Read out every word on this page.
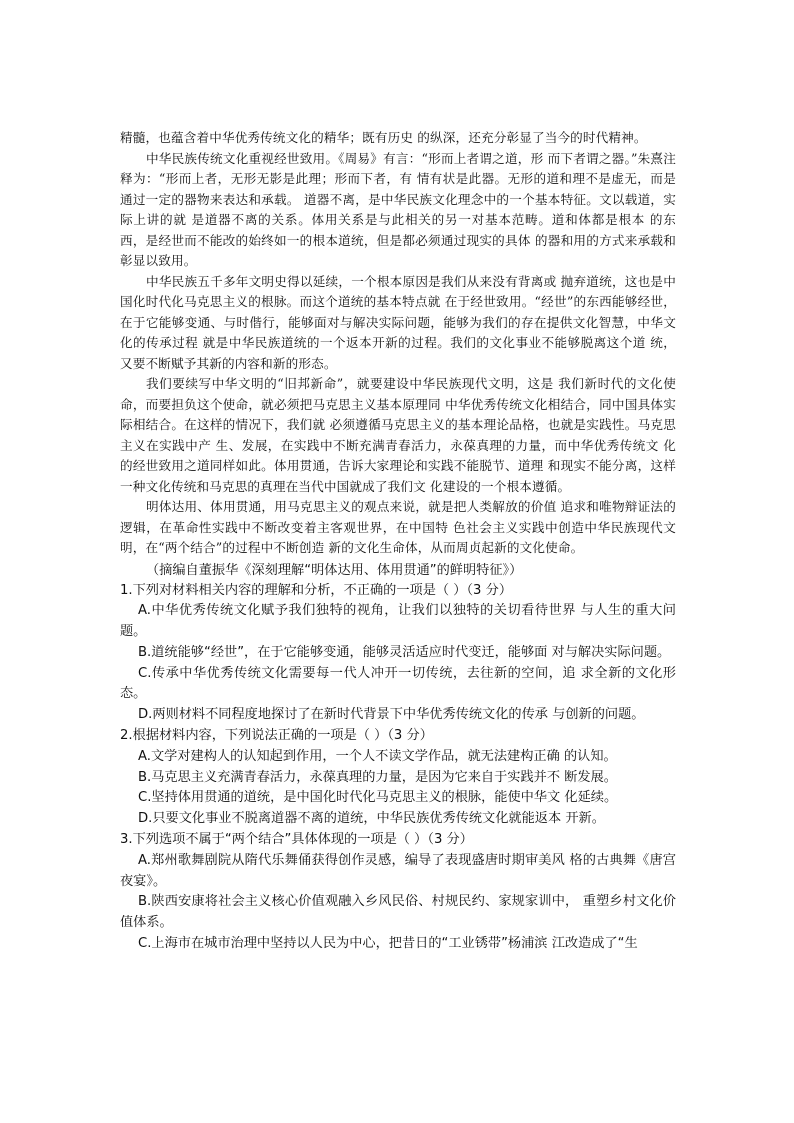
精髓，也蕴含着中华优秀传统文化的精华；既有历史 的纵深，还充分彰显了当今的时代精神。

中华民族传统文化重视经世致用。《周易》有言：“形而上者谓之道，形 而下者谓之器。”朱熹注释为：“形而上者，无形无影是此理；形而下者，有 情有状是此器。无形的道和理不是虚无，而是通过一定的器物来表达和承载。 道器不离，是中华民族文化理念中的一个基本特征。文以载道，实际上讲的就 是道器不离的关系。体用关系是与此相关的另一对基本范畴。道和体都是根本 的东西，是经世而不能改的始终如一的根本道统，但是都必须通过现实的具体 的器和用的方式来承载和彰显以致用。

中华民族五千多年文明史得以延续，一个根本原因是我们从来没有背离或 抛弃道统，这也是中国化时代化马克思主义的根脉。而这个道统的基本特点就 在于经世致用。“经世”的东西能够经世，在于它能够变通、与时偕行，能够面对与解决实际问题，能够为我们的存在提供文化智慧，中华文化的传承过程 就是中华民族道统的一个返本开新的过程。我们的文化事业不能够脱离这个道 统，又要不断赋予其新的内容和新的形态。

我们要续写中华文明的“旧邦新命”，就要建设中华民族现代文明，这是 我们新时代的文化使命，而要担负这个使命，就必须把马克思主义基本原理同 中华优秀传统文化相结合，同中国具体实际相结合。在这样的情况下，我们就 必须遵循马克思主义的基本理论品格，也就是实践性。马克思主义在实践中产 生、发展，在实践中不断充满青春活力，永葆真理的力量，而中华优秀传统文 化的经世致用之道同样如此。体用贯通，告诉大家理论和实践不能脱节、道理 和现实不能分离，这样一种文化传统和马克思的真理在当代中国就成了我们文 化建设的一个根本遵循。

明体达用、体用贯通，用马克思主义的观点来说，就是把人类解放的价值 追求和唯物辩证法的逻辑，在革命性实践中不断改变着主客观世界，在中国特 色社会主义实践中创造中华民族现代文明，在“两个结合”的过程中不断创造 新的文化生命体，从而周贞起新的文化使命。

（摘编自董振华《深刻理解“明体达用、体用贯通”的鲜明特征》）

1.下列对材料相关内容的理解和分析，不正确的一项是（ ）（3 分）

A.中华优秀传统文化赋予我们独特的视角，让我们以独特的关切看待世界 与人生的重大问题。

B.道统能够“经世”，在于它能够变通，能够灵活适应时代变迁，能够面 对与解决实际问题。

C.传承中华优秀传统文化需要每一代人冲开一切传统，去往新的空间，追 求全新的文化形态。

D.两则材料不同程度地探讨了在新时代背景下中华优秀传统文化的传承 与创新的问题。

2.根据材料内容，下列说法正确的一项是（ ）（3 分）

A.文学对建构人的认知起到作用，一个人不读文学作品，就无法建构正确 的认知。

B.马克思主义充满青春活力，永葆真理的力量，是因为它来自于实践并不 断发展。

C.坚持体用贯通的道统，是中国化时代化马克思主义的根脉，能使中华文 化延续。

D.只要文化事业不脱离道器不离的道统，中华民族优秀传统文化就能返本 开新。

3.下列选项不属于“两个结合”具体体现的一项是（ ）（3 分）

A.郑州歌舞剧院从隋代乐舞俑获得创作灵感，编导了表现盛唐时期审美风 格的古典舞《唐宫夜宴》。

B.陕西安康将社会主义核心价值观融入乡风民俗、村规民约、家规家训中， 重塑乡村文化价值体系。

C.上海市在城市治理中坚持以人民为中心，把昔日的“工业锈带”杨浦滨 江改造成了“生
